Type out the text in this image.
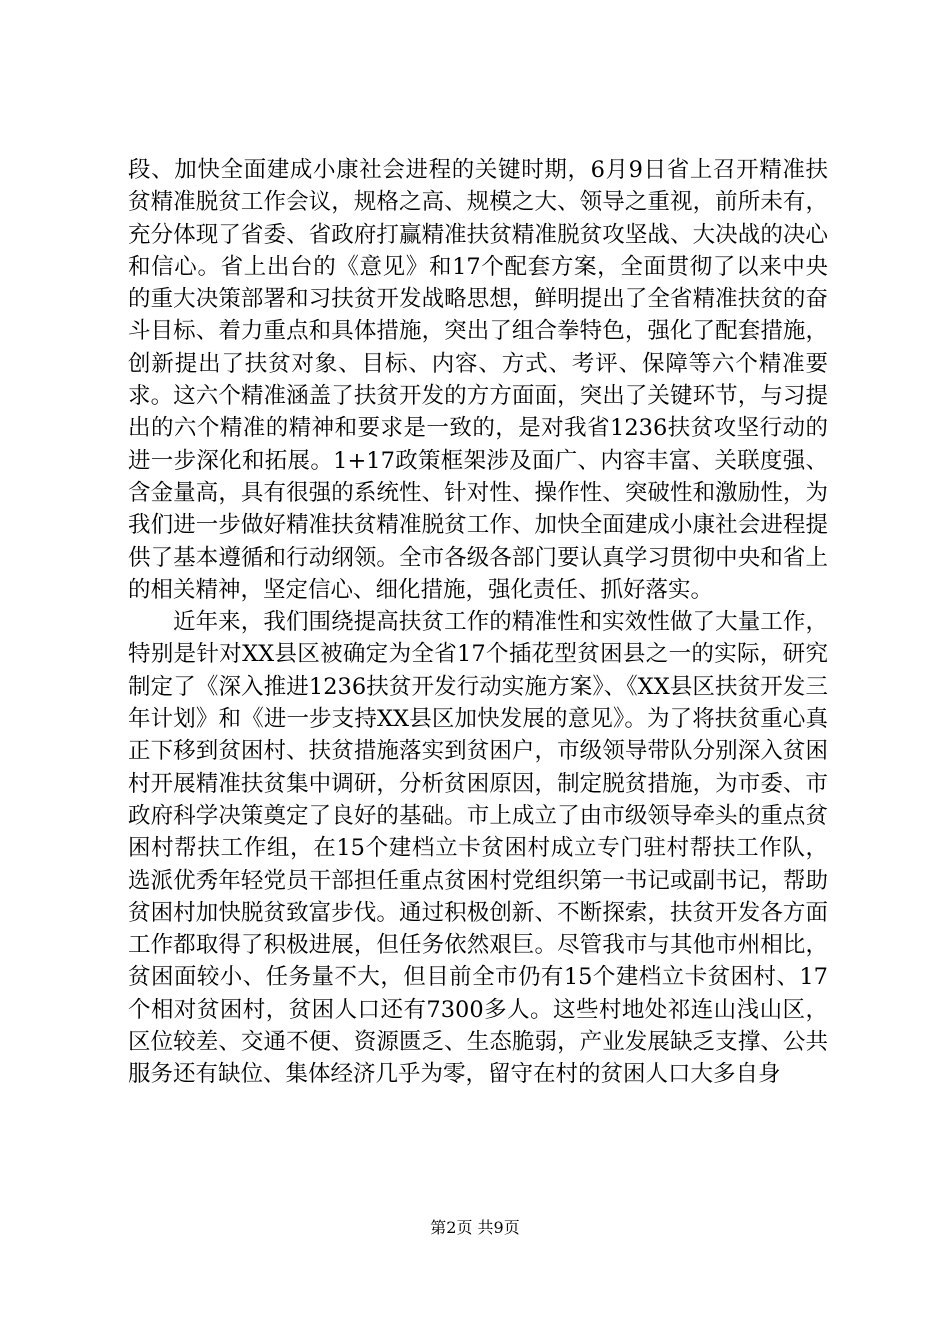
段、加快全面建成小康社会进程的关键时期，6月9日省上召开精准扶贫精准脱贫工作会议，规格之高、规模之大、领导之重视，前所未有，充分体现了省委、省政府打赢精准扶贫精准脱贫攻坚战、大决战的决心和信心。省上出台的《意见》和17个配套方案，全面贯彻了以来中央的重大决策部署和习扶贫开发战略思想，鲜明提出了全省精准扶贫的奋斗目标、着力重点和具体措施，突出了组合拳特色，强化了配套措施，创新提出了扶贫对象、目标、内容、方式、考评、保障等六个精准要求。这六个精准涵盖了扶贫开发的方方面面，突出了关键环节，与习提出的六个精准的精神和要求是一致的，是对我省1236扶贫攻坚行动的进一步深化和拓展。1+17政策框架涉及面广、内容丰富、关联度强、含金量高，具有很强的系统性、针对性、操作性、突破性和激励性，为我们进一步做好精准扶贫精准脱贫工作、加快全面建成小康社会进程提供了基本遵循和行动纲领。全市各级各部门要认真学习贯彻中央和省上的相关精神，坚定信心、细化措施，强化责任、抓好落实。

近年来，我们围绕提高扶贫工作的精准性和实效性做了大量工作，特别是针对XX县区被确定为全省17个插花型贫困县之一的实际，研究制定了《深入推进1236扶贫开发行动实施方案》、《XX县区扶贫开发三年计划》和《进一步支持XX县区加快发展的意见》。为了将扶贫重心真正下移到贫困村、扶贫措施落实到贫困户，市级领导带队分别深入贫困村开展精准扶贫集中调研，分析贫困原因，制定脱贫措施，为市委、市政府科学决策奠定了良好的基础。市上成立了由市级领导牵头的重点贫困村帮扶工作组，在15个建档立卡贫困村成立专门驻村帮扶工作队，选派优秀年轻党员干部担任重点贫困村党组织第一书记或副书记，帮助贫困村加快脱贫致富步伐。通过积极创新、不断探索，扶贫开发各方面工作都取得了积极进展，但任务依然艰巨。尽管我市与其他市州相比，贫困面较小、任务量不大，但目前全市仍有15个建档立卡贫困村、17个相对贫困村，贫困人口还有7300多人。这些村地处祁连山浅山区，区位较差、交通不便、资源匮乏、生态脆弱，产业发展缺乏支撑、公共服务还有缺位、集体经济几乎为零，留守在村的贫困人口大多自身

第2页 共9页
